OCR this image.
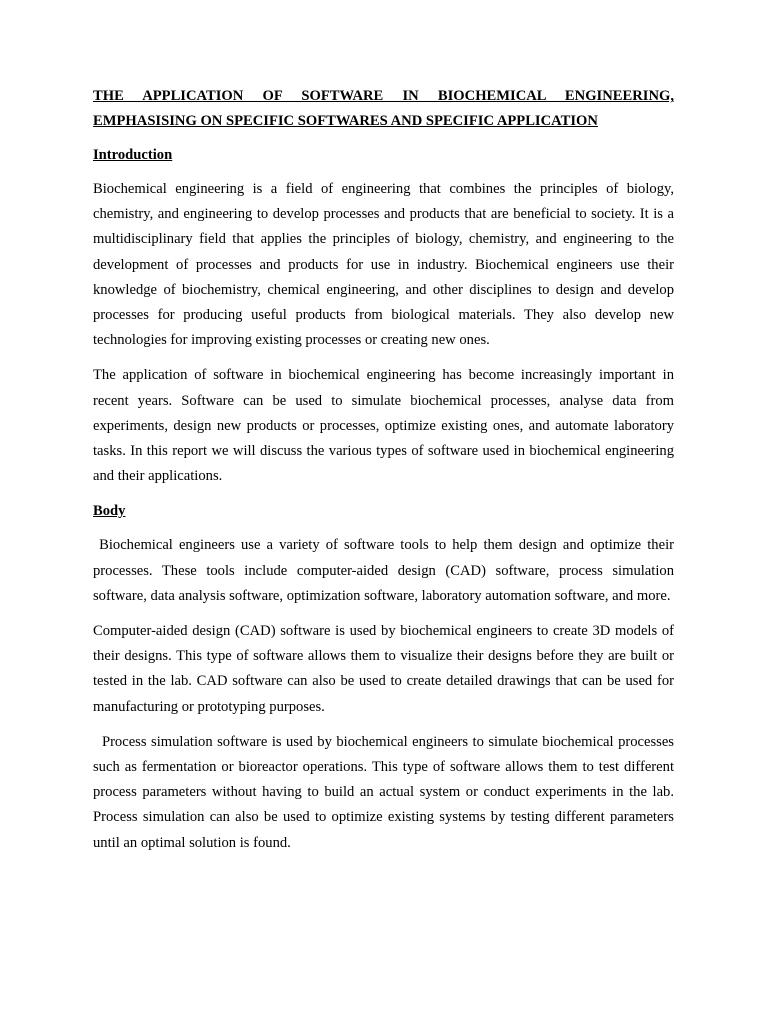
THE APPLICATION OF SOFTWARE IN BIOCHEMICAL ENGINEERING,
EMPHASISING ON SPECIFIC SOFTWARES AND SPECIFIC APPLICATION
Introduction

Biochemical engineering is a field of engineering that combines the principles of biology, chemistry, and engineering to develop processes and products that are beneficial to society. It is a multidisciplinary field that applies the principles of biology, chemistry, and engineering to the development of processes and products for use in industry. Biochemical engineers use their knowledge of biochemistry, chemical engineering, and other disciplines to design and develop processes for producing useful products from biological materials. They also develop new technologies for improving existing processes or creating new ones.

The application of software in biochemical engineering has become increasingly important in recent years. Software can be used to simulate biochemical processes, analyse data from experiments, design new products or processes, optimize existing ones, and automate laboratory tasks. In this report we will discuss the various types of software used in biochemical engineering and their applications.

Body

Biochemical engineers use a variety of software tools to help them design and optimize their processes. These tools include computer-aided design (CAD) software, process simulation software, data analysis software, optimization software, laboratory automation software, and more.

Computer-aided design (CAD) software is used by biochemical engineers to create 3D models of their designs. This type of software allows them to visualize their designs before they are built or tested in the lab. CAD software can also be used to create detailed drawings that can be used for manufacturing or prototyping purposes.

Process simulation software is used by biochemical engineers to simulate biochemical processes such as fermentation or bioreactor operations. This type of software allows them to test different process parameters without having to build an actual system or conduct experiments in the lab. Process simulation can also be used to optimize existing systems by testing different parameters until an optimal solution is found.
